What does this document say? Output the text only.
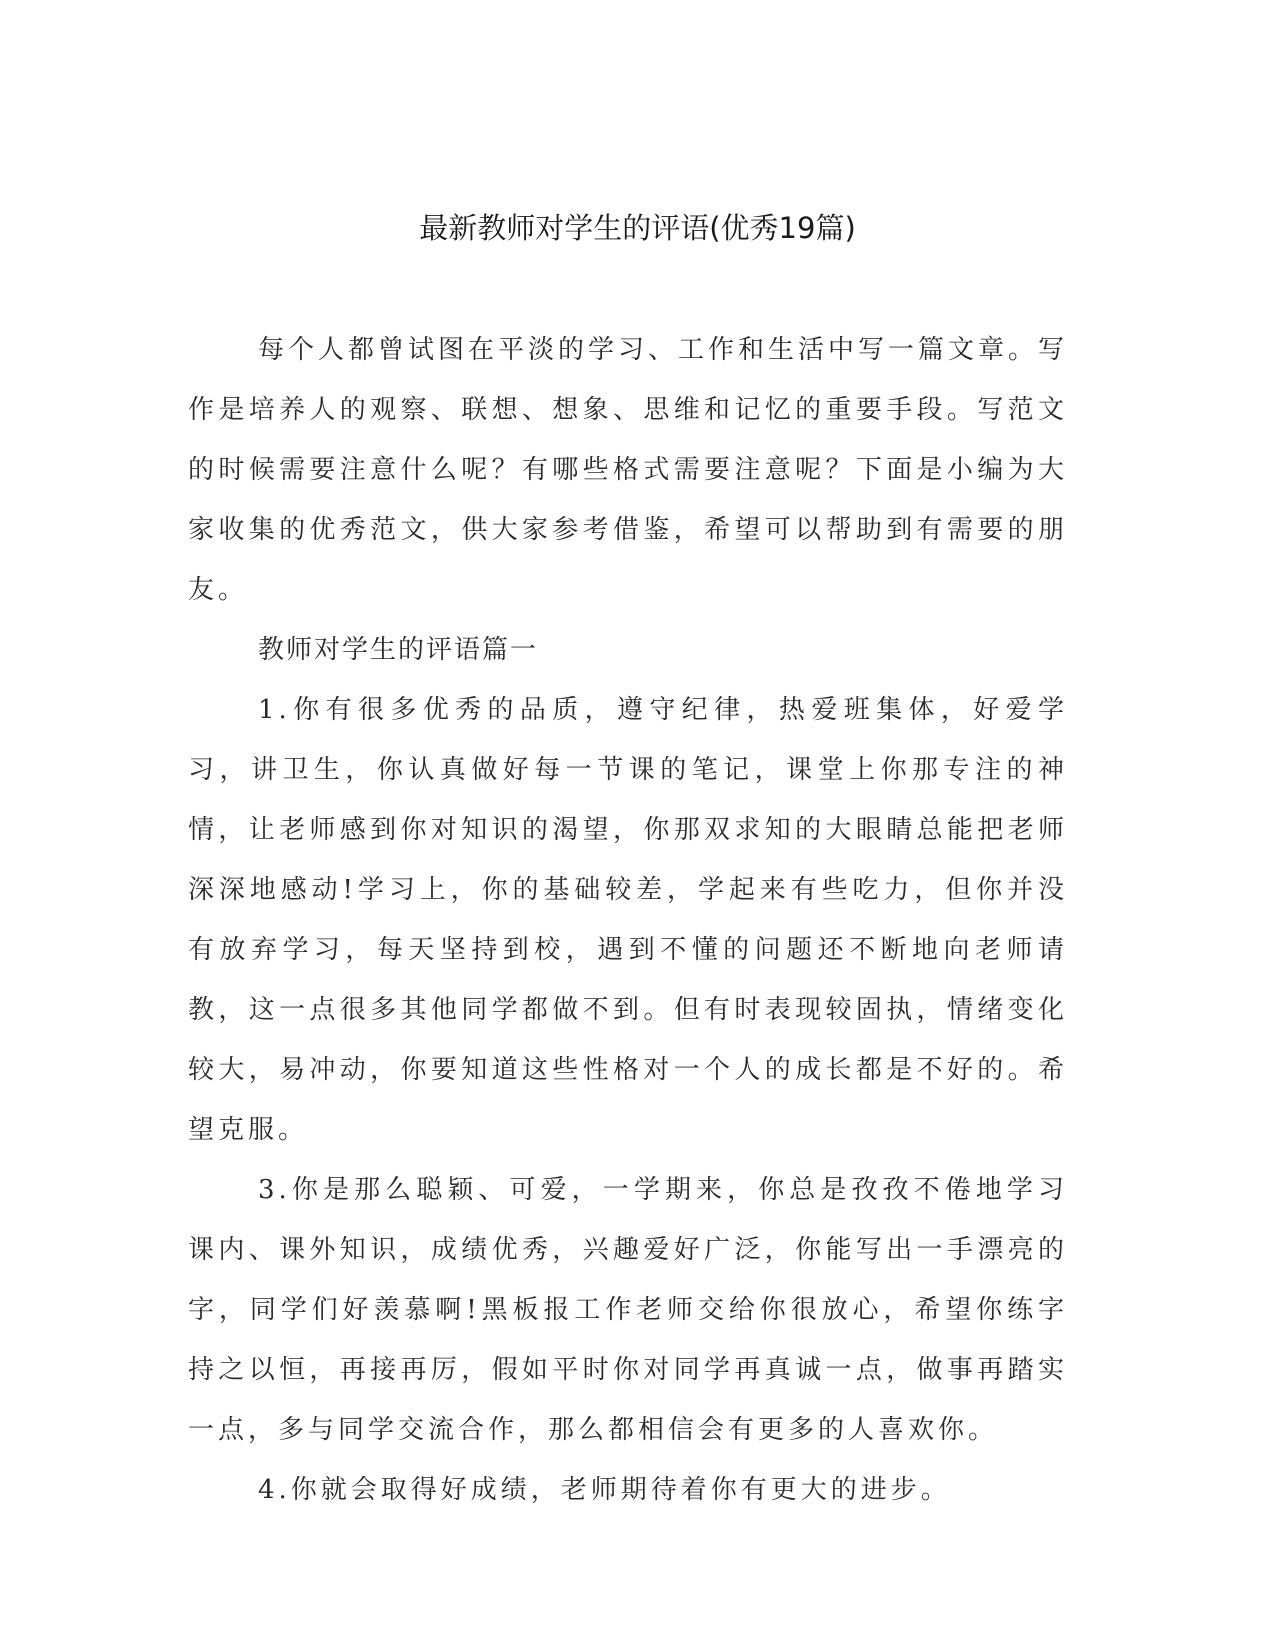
最新教师对学生的评语(优秀19篇)

每个人都曾试图在平淡的学习、工作和生活中写一篇文章。写作是培养人的观察、联想、想象、思维和记忆的重要手段。写范文的时候需要注意什么呢？有哪些格式需要注意呢？下面是小编为大家收集的优秀范文，供大家参考借鉴，希望可以帮助到有需要的朋友。

教师对学生的评语篇一

1.你有很多优秀的品质，遵守纪律，热爱班集体，好爱学习，讲卫生，你认真做好每一节课的笔记，课堂上你那专注的神情，让老师感到你对知识的渴望，你那双求知的大眼睛总能把老师深深地感动!学习上，你的基础较差，学起来有些吃力，但你并没有放弃学习，每天坚持到校，遇到不懂的问题还不断地向老师请教，这一点很多其他同学都做不到。但有时表现较固执，情绪变化较大，易冲动，你要知道这些性格对一个人的成长都是不好的。希望克服。

3.你是那么聪颖、可爱，一学期来，你总是孜孜不倦地学习课内、课外知识，成绩优秀，兴趣爱好广泛，你能写出一手漂亮的字，同学们好羡慕啊!黑板报工作老师交给你很放心，希望你练字持之以恒，再接再厉，假如平时你对同学再真诚一点，做事再踏实一点，多与同学交流合作，那么都相信会有更多的人喜欢你。

4.你就会取得好成绩，老师期待着你有更大的进步。
